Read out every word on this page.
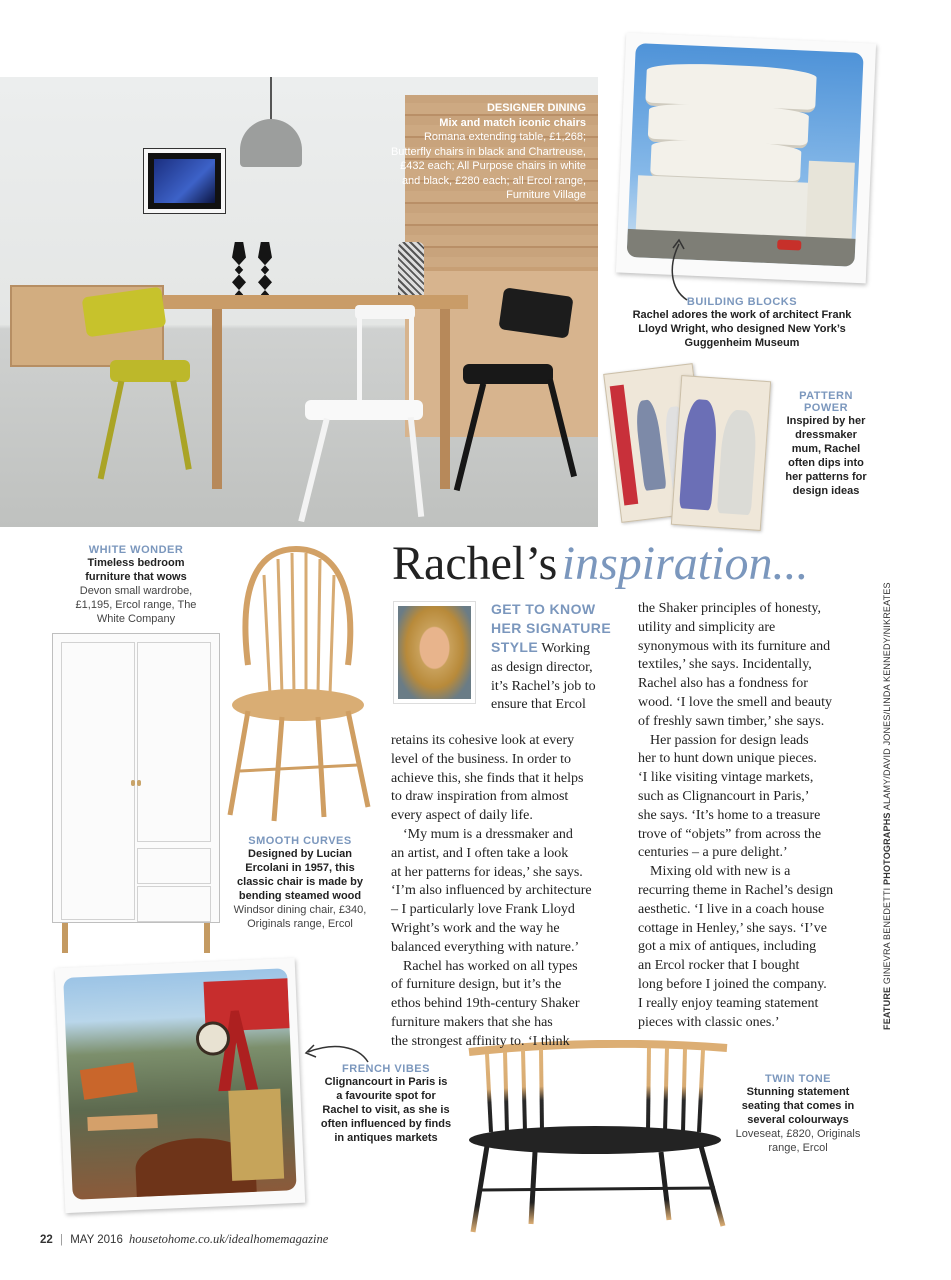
DESIGNER DINING
Mix and match iconic chairs
Romana extending table, £1,268; Butterfly chairs in black and Chartreuse, £432 each; All Purpose chairs in white and black, £280 each; all Ercol range, Furniture Village
BUILDING BLOCKS
Rachel adores the work of architect Frank Lloyd Wright, who designed New York’s Guggenheim Museum
PATTERN
POWER
Inspired by her dressmaker mum, Rachel often dips into her patterns for design ideas
WHITE WONDER
Timeless bedroom furniture that wows
Devon small wardrobe, £1,195, Ercol range, The White Company
SMOOTH CURVES
Designed by Lucian Ercolani in 1957, this classic chair is made by bending steamed wood
Windsor dining chair, £340, Originals range, Ercol
FRENCH VIBES
Clignancourt in Paris is a favourite spot for Rachel to visit, as she is often influenced by finds in antiques markets
TWIN TONE
Stunning statement seating that comes in several colourways
Loveseat, £820, Originals range, Ercol
Rachel’s inspiration...
GET TO KNOW
HER SIGNATURE
STYLE Working
as design director,
it’s Rachel’s job to
ensure that Ercol
retains its cohesive look at every
level of the business. In order to
achieve this, she finds that it helps
to draw inspiration from almost
every aspect of daily life.
‘My mum is a dressmaker and
an artist, and I often take a look
at her patterns for ideas,’ she says.
‘I’m also influenced by architecture
– I particularly love Frank Lloyd
Wright’s work and the way he
balanced everything with nature.’
Rachel has worked on all types
of furniture design, but it’s the
ethos behind 19th-century Shaker
furniture makers that she has
the strongest affinity to. ‘I think
the Shaker principles of honesty,
utility and simplicity are
synonymous with its furniture and
textiles,’ she says. Incidentally,
Rachel also has a fondness for
wood. ‘I love the smell and beauty
of freshly sawn timber,’ she says.
Her passion for design leads
her to hunt down unique pieces.
‘I like visiting vintage markets,
such as Clignancourt in Paris,’
she says. ‘It’s home to a treasure
trove of “objets” from across the
centuries – a pure delight.’
Mixing old with new is a
recurring theme in Rachel’s design
aesthetic. ‘I live in a coach house
cottage in Henley,’ she says. ‘I’ve
got a mix of antiques, including
an Ercol rocker that I bought
long before I joined the company.
I really enjoy teaming statement
pieces with classic ones.’	FEATURE GINEVRA BENEDETTI PHOTOGRAPHS ALAMY/DAVID JONES/LINDA KENNEDY/NIKREATES
22 | MAY 2016 housetohome.co.uk/idealhomemagazine
